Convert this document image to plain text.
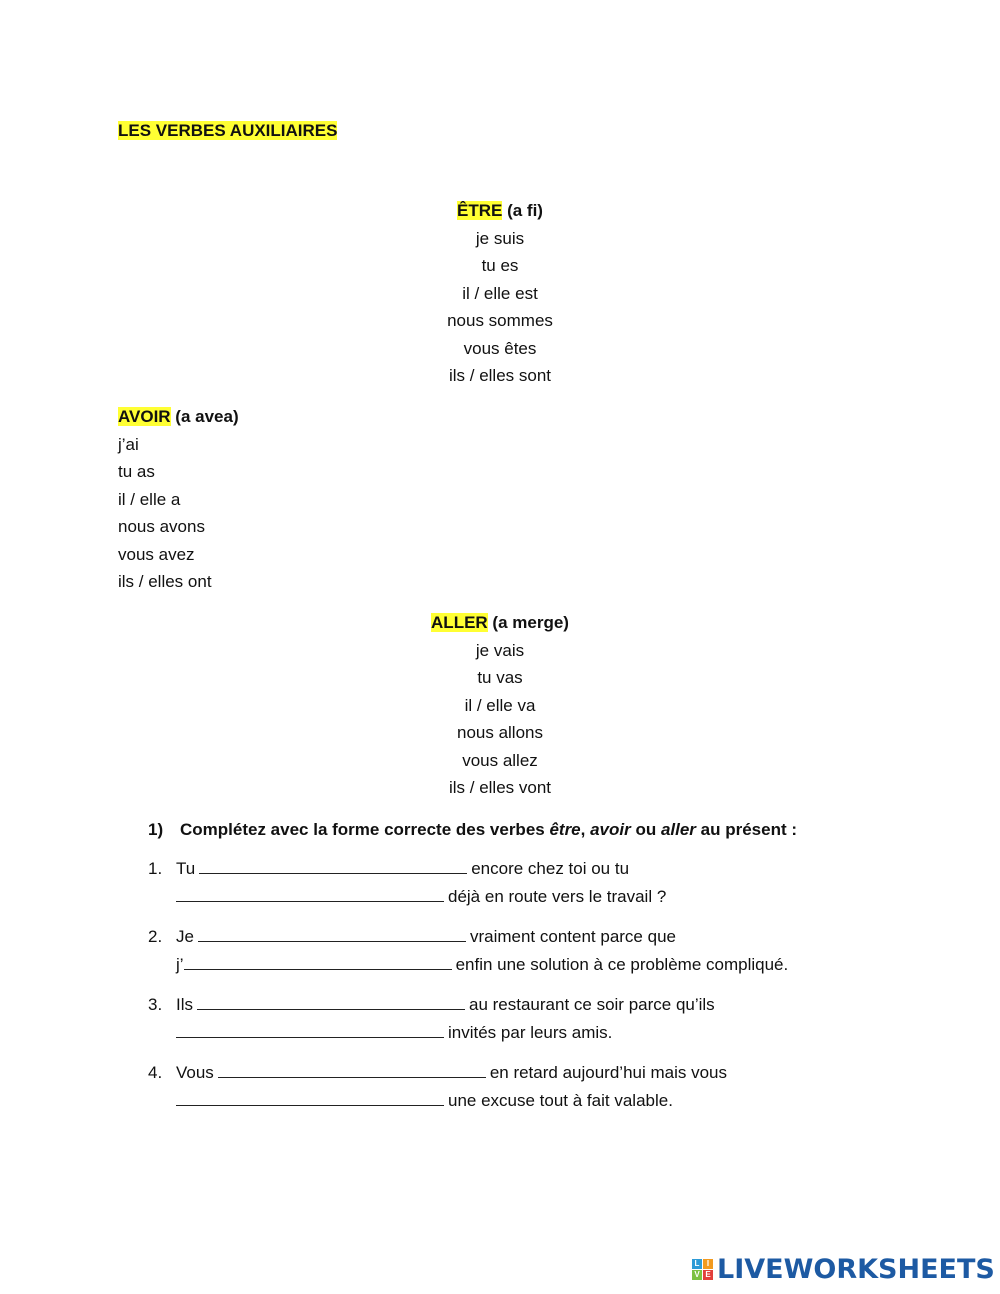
LES VERBES AUXILIAIRES
ÊTRE (a fi)
je suis
tu es
il / elle est
nous sommes
vous êtes
ils / elles sont
AVOIR (a avea)
j’ai
tu as
il / elle a
nous avons
vous avez
ils / elles ont
ALLER (a merge)
je vais
tu vas
il / elle va
nous allons
vous allez
ils / elles vont
1) Complétez avec la forme correcte des verbes être, avoir ou aller au présent :
1. Tu	encore chez toi ou tu
déjà en route vers le travail ?
2. Je	vraiment content parce que
j’	enfin une solution à ce problème compliqué.
3. Ils	au restaurant ce soir parce qu’ils
invités par leurs amis.
4. Vous	en retard aujourd’hui mais vous
une excuse tout à fait valable.
L I
V E LIVEWORKSHEETS
